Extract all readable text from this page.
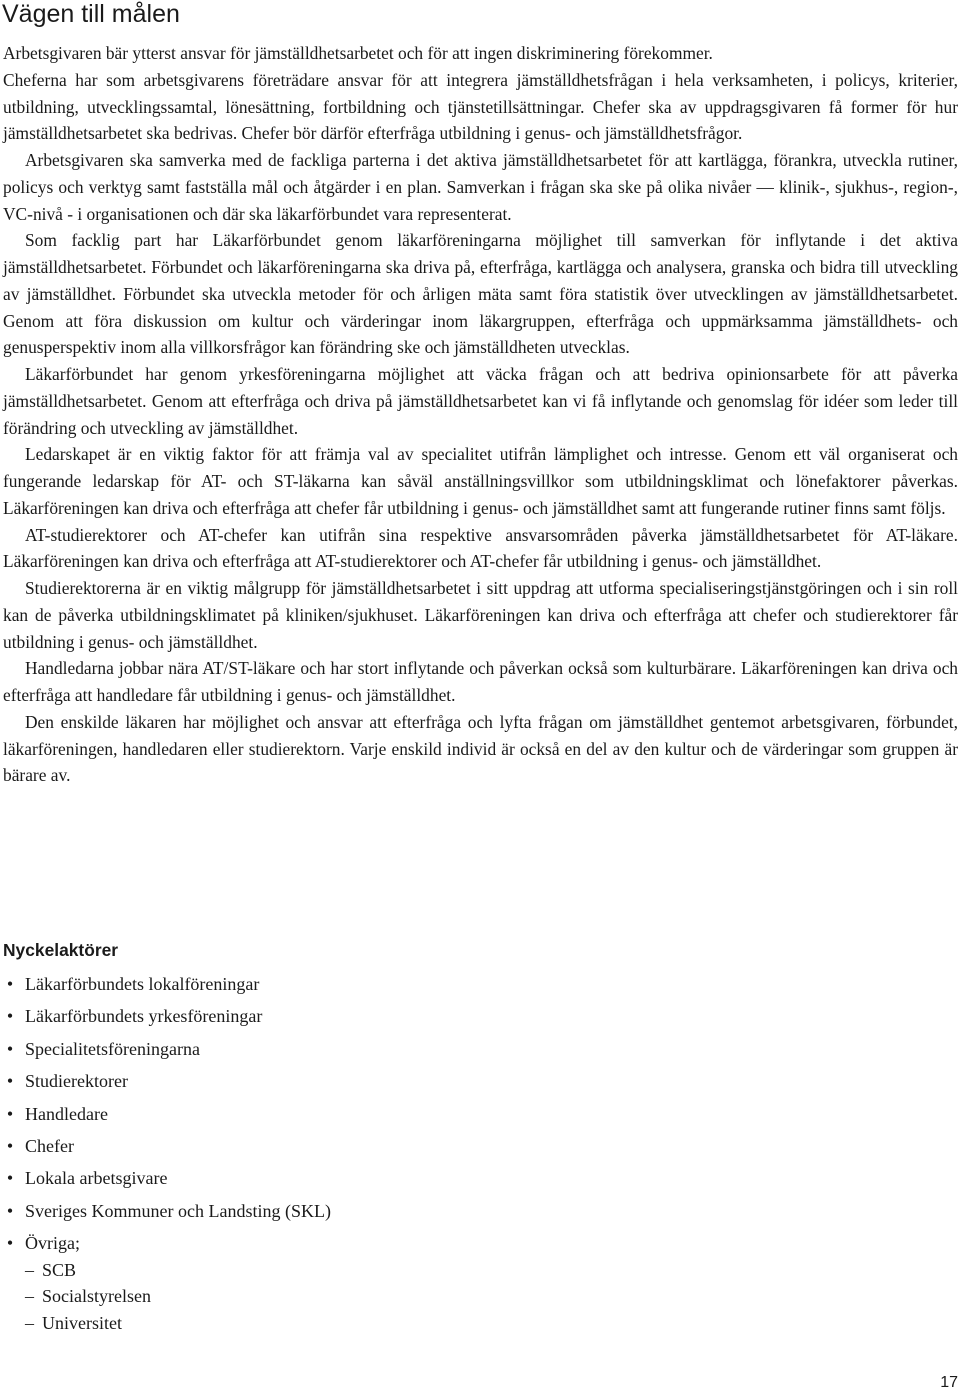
Vägen till målen

Arbetsgivaren bär ytterst ansvar för jämställdhetsarbetet och för att ingen diskriminering förekommer.

Cheferna har som arbetsgivarens företrädare ansvar för att integrera jämställdhetsfrågan i hela verksamheten, i policys, kriterier, utbildning, utvecklingssamtal, lönesättning, fortbildning och tjänstetillsättningar. Chefer ska av uppdragsgivaren få former för hur jämställdhetsarbetet ska bedrivas. Chefer bör därför efterfråga utbildning i genus- och jämställdhetsfrågor.

Arbetsgivaren ska samverka med de fackliga parterna i det aktiva jämställdhetsarbetet för att kartlägga, förankra, utveckla rutiner, policys och verktyg samt fastställa mål och åtgärder i en plan. Samverkan i frågan ska ske på olika nivåer — klinik-, sjukhus-, region-, VC-nivå - i organisationen och där ska läkarförbundet vara representerat.

Som facklig part har Läkarförbundet genom läkarföreningarna möjlighet till samverkan för inflytande i det aktiva jämställdhetsarbetet. Förbundet och läkarföreningarna ska driva på, efterfråga, kartlägga och analysera, granska och bidra till utveckling av jämställdhet. Förbundet ska utveckla metoder för och årligen mäta samt föra statistik över utvecklingen av jämställdhetsarbetet. Genom att föra diskussion om kultur och värderingar inom läkargruppen, efterfråga och uppmärksamma jämställdhets- och genusperspektiv inom alla villkorsfrågor kan förändring ske och jämställdheten utvecklas.

Läkarförbundet har genom yrkesföreningarna möjlighet att väcka frågan och att bedriva opinionsarbete för att påverka jämställdhetsarbetet. Genom att efterfråga och driva på jämställdhetsarbetet kan vi få inflytande och genomslag för idéer som leder till förändring och utveckling av jämställdhet.

Ledarskapet är en viktig faktor för att främja val av specialitet utifrån lämplighet och intresse. Genom ett väl organiserat och fungerande ledarskap för AT- och ST-läkarna kan såväl anställningsvillkor som utbildningsklimat och lönefaktorer påverkas. Läkarföreningen kan driva och efterfråga att chefer får utbildning i genus- och jämställdhet samt att fungerande rutiner finns samt följs.

AT-studierektorer och AT-chefer kan utifrån sina respektive ansvarsområden påverka jämställdhetsarbetet för AT-läkare. Läkarföreningen kan driva och efterfråga att AT-studierektorer och AT-chefer får utbildning i genus- och jämställdhet.

Studierektorerna är en viktig målgrupp för jämställdhetsarbetet i sitt uppdrag att utforma specialiseringstjänstgöringen och i sin roll kan de påverka utbildningsklimatet på kliniken/sjukhuset. Läkarföreningen kan driva och efterfråga att chefer och studierektorer får utbildning i genus- och jämställdhet.

Handledarna jobbar nära AT/ST-läkare och har stort inflytande och påverkan också som kulturbärare. Läkarföreningen kan driva och efterfråga att handledare får utbildning i genus- och jämställdhet.

Den enskilde läkaren har möjlighet och ansvar att efterfråga och lyfta frågan om jämställdhet gentemot arbetsgivaren, förbundet, läkarföreningen, handledaren eller studierektorn. Varje enskild individ är också en del av den kultur och de värderingar som gruppen är bärare av.

Nyckelaktörer
• Läkarförbundets lokalföreningar
• Läkarförbundets yrkesföreningar
• Specialitetsföreningarna
• Studierektorer
• Handledare
• Chefer
• Lokala arbetsgivare
• Sveriges Kommuner och Landsting (SKL)
• Övriga;
– SCB
– Socialstyrelsen
– Universitet
17
